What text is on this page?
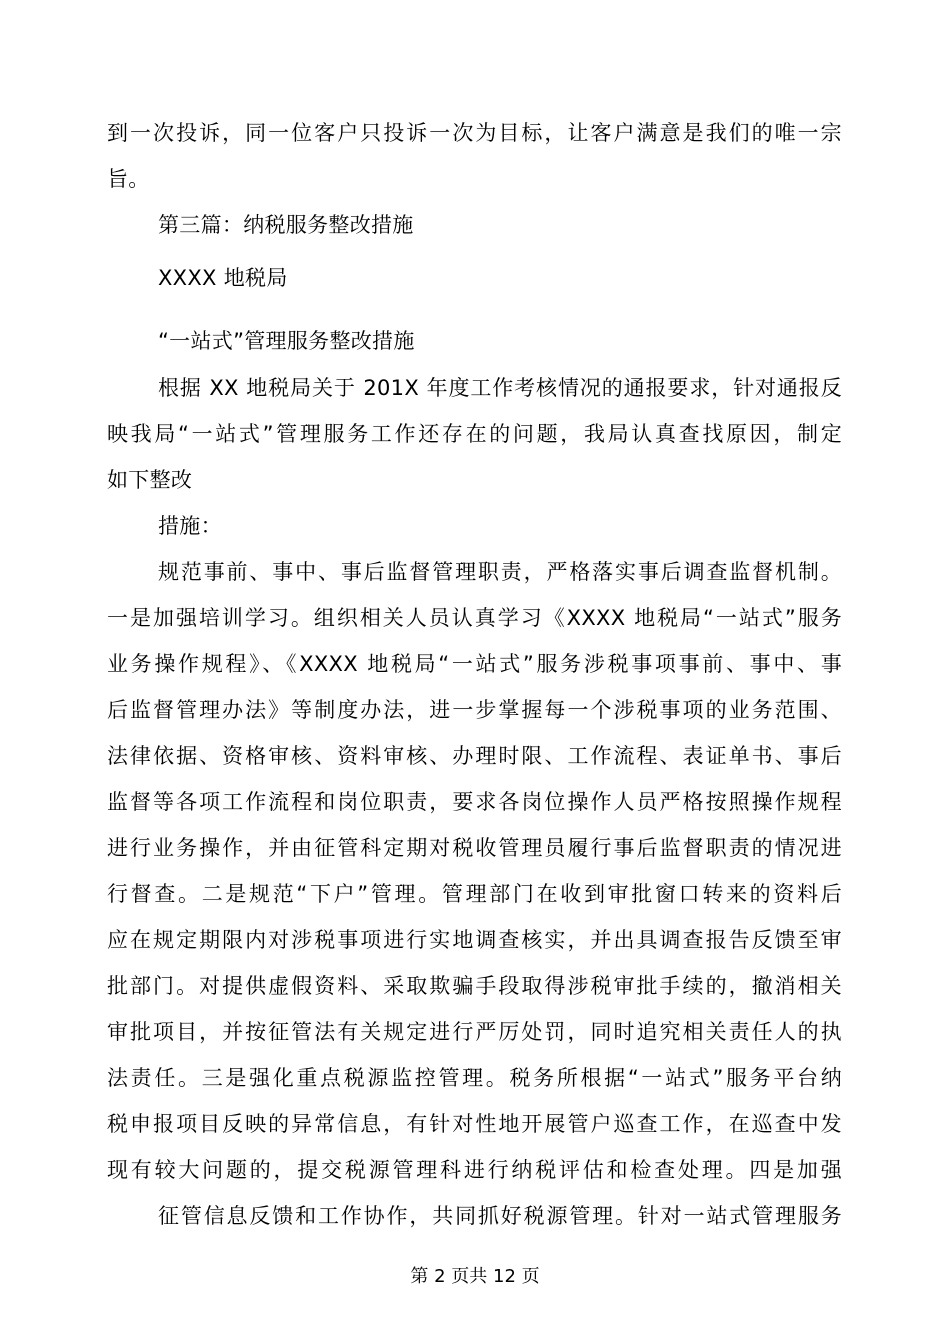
到一次投诉，同一位客户只投诉一次为目标，让客户满意是我们的唯一宗
旨。
第三篇：纳税服务整改措施
XXXX 地税局
“一站式”管理服务整改措施
根据 XX 地税局关于 201X 年度工作考核情况的通报要求，针对通报反
映我局“一站式”管理服务工作还存在的问题，我局认真查找原因，制定
如下整改
措施：
规范事前、事中、事后监督管理职责，严格落实事后调查监督机制。
一是加强培训学习。组织相关人员认真学习《XXXX 地税局“一站式”服务
业务操作规程》、《XXXX 地税局“一站式”服务涉税事项事前、事中、事
后监督管理办法》等制度办法，进一步掌握每一个涉税事项的业务范围、
法律依据、资格审核、资料审核、办理时限、工作流程、表证单书、事后
监督等各项工作流程和岗位职责，要求各岗位操作人员严格按照操作规程
进行业务操作，并由征管科定期对税收管理员履行事后监督职责的情况进
行督查。二是规范“下户”管理。管理部门在收到审批窗口转来的资料后
应在规定期限内对涉税事项进行实地调查核实，并出具调查报告反馈至审
批部门。对提供虚假资料、采取欺骗手段取得涉税审批手续的，撤消相关
审批项目，并按征管法有关规定进行严厉处罚，同时追究相关责任人的执
法责任。三是强化重点税源监控管理。税务所根据“一站式”服务平台纳
税申报项目反映的异常信息，有针对性地开展管户巡查工作，在巡查中发
现有较大问题的，提交税源管理科进行纳税评估和检查处理。四是加强
征管信息反馈和工作协作，共同抓好税源管理。针对一站式管理服务
第 2 页共 12 页
